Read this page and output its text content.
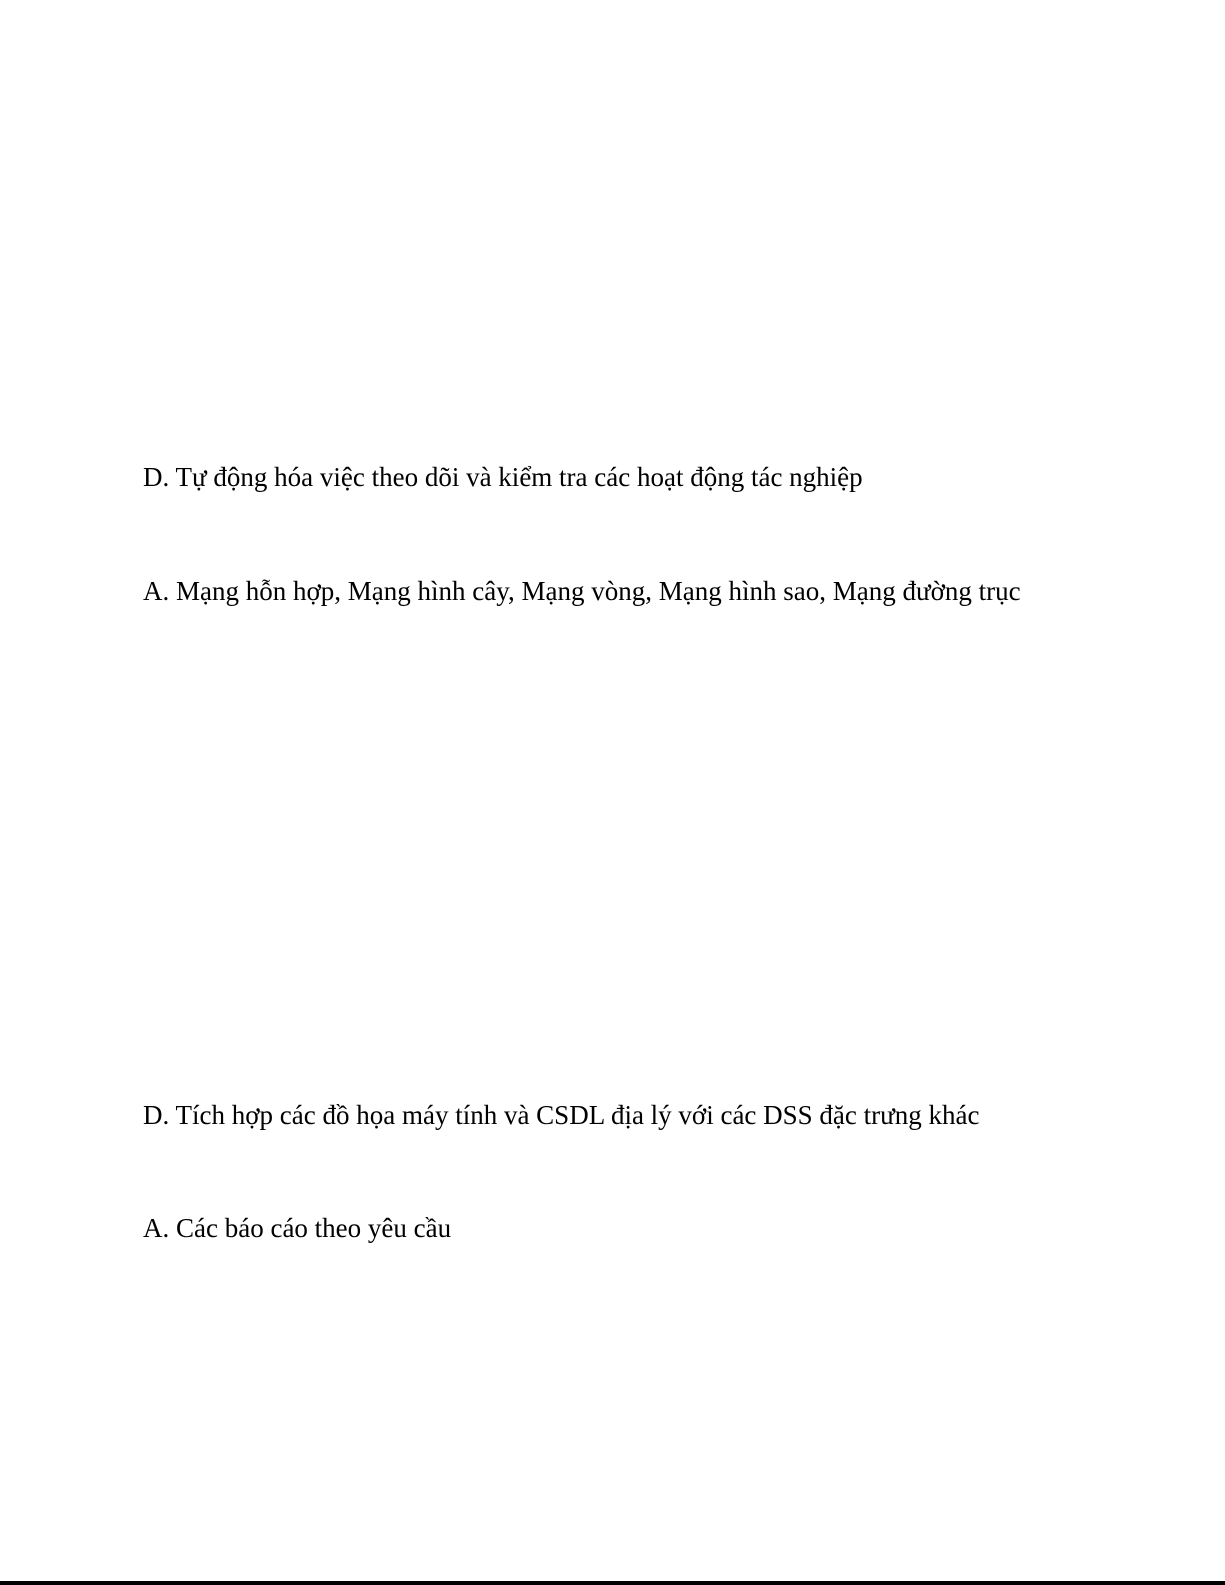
D. Tự động hóa việc theo dõi và kiểm tra các hoạt động tác nghiệp

A. Mạng hỗn hợp, Mạng hình cây, Mạng vòng, Mạng hình sao, Mạng đường trục

D. Tích hợp các đồ họa máy tính và CSDL địa lý với các DSS đặc trưng khác

A. Các báo cáo theo yêu cầu
